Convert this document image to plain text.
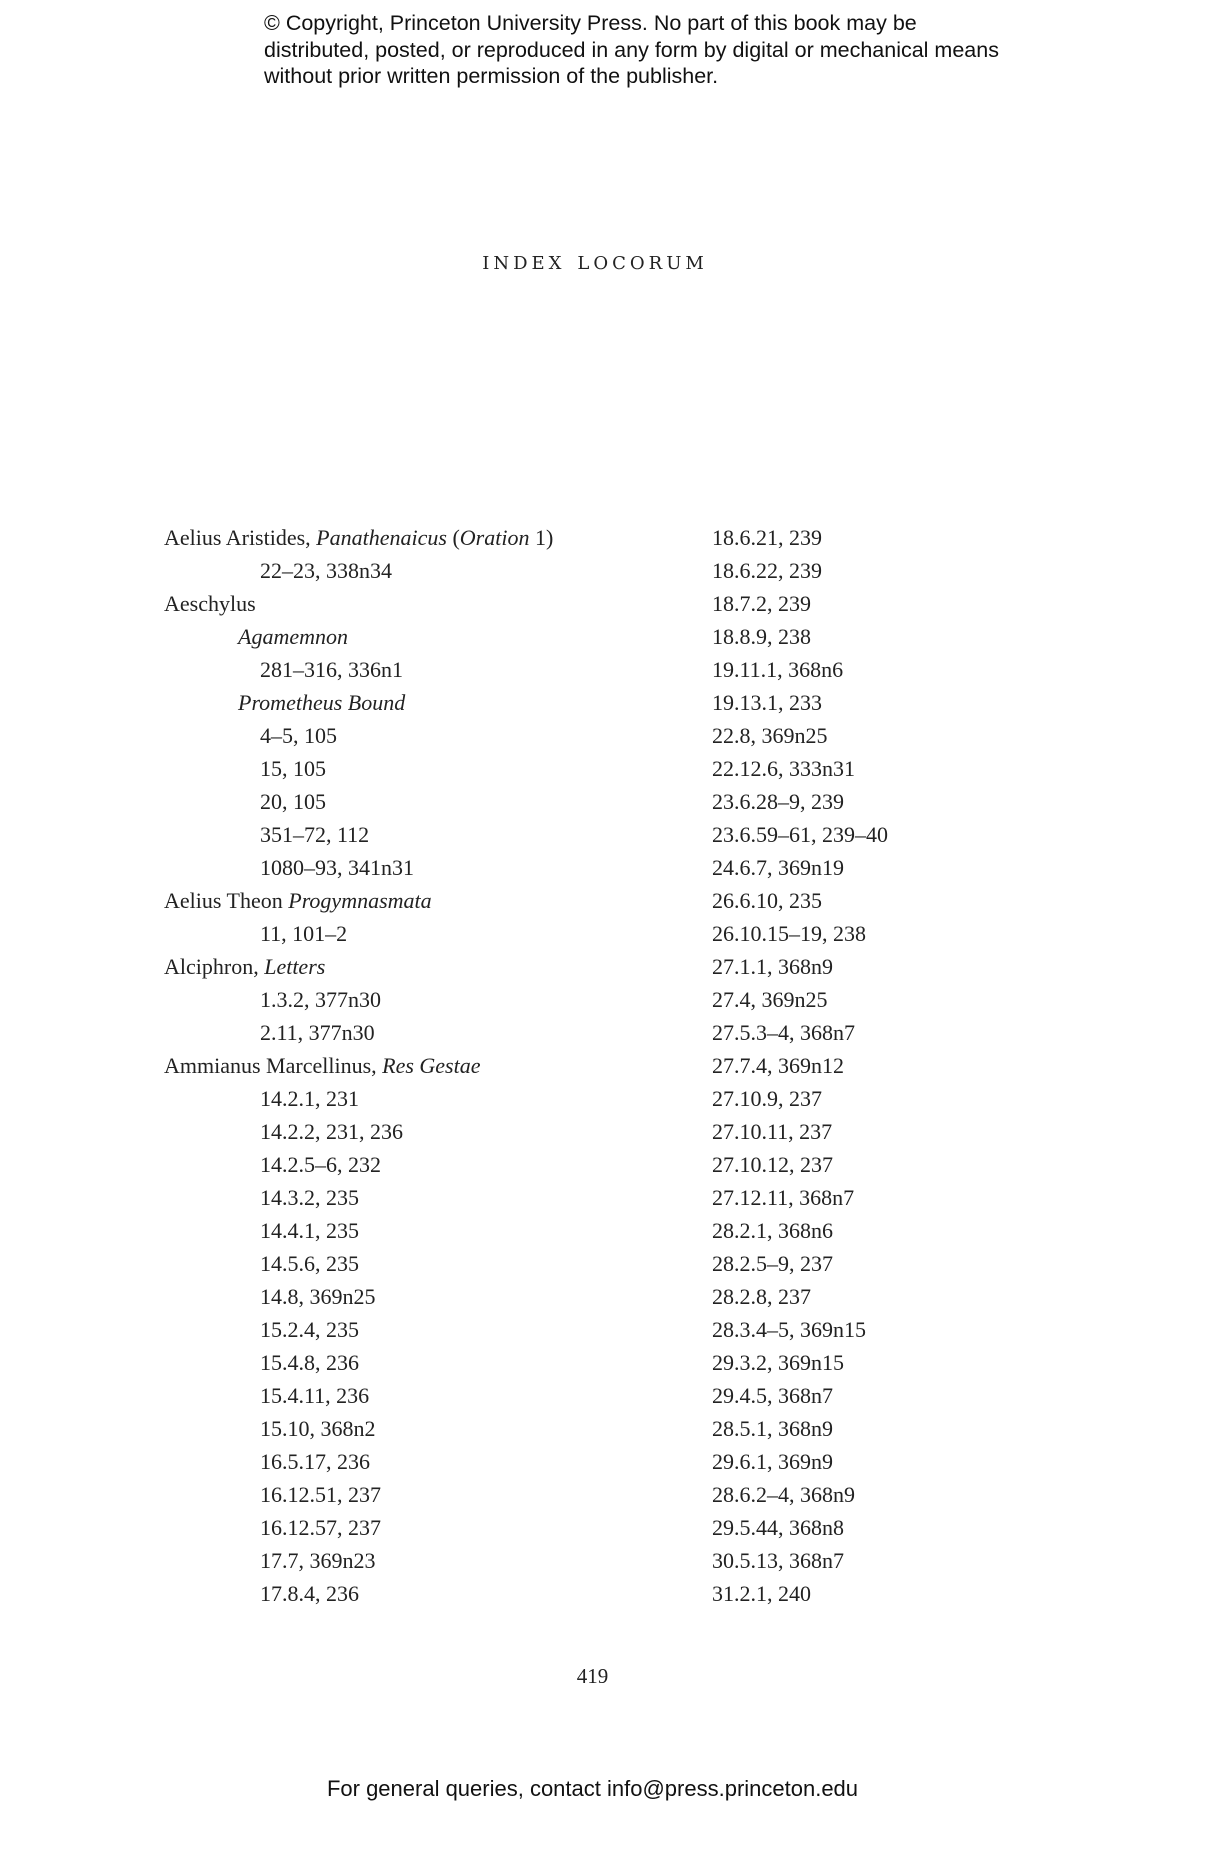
© Copyright, Princeton University Press. No part of this book may be distributed, posted, or reproduced in any form by digital or mechanical means without prior written permission of the publisher.
index locorum
Aelius Aristides, Panathenaicus (Oration 1)
22–23, 338n34
Aeschylus
Agamemnon
281–316, 336n1
Prometheus Bound
4–5, 105
15, 105
20, 105
351–72, 112
1080–93, 341n31
Aelius Theon Progymnasmata
11, 101–2
Alciphron, Letters
1.3.2, 377n30
2.11, 377n30
Ammianus Marcellinus, Res Gestae
14.2.1, 231
14.2.2, 231, 236
14.2.5–6, 232
14.3.2, 235
14.4.1, 235
14.5.6, 235
14.8, 369n25
15.2.4, 235
15.4.8, 236
15.4.11, 236
15.10, 368n2
16.5.17, 236
16.12.51, 237
16.12.57, 237
17.7, 369n23
17.8.4, 236
18.6.21, 239
18.6.22, 239
18.7.2, 239
18.8.9, 238
19.11.1, 368n6
19.13.1, 233
22.8, 369n25
22.12.6, 333n31
23.6.28–9, 239
23.6.59–61, 239–40
24.6.7, 369n19
26.6.10, 235
26.10.15–19, 238
27.1.1, 368n9
27.4, 369n25
27.5.3–4, 368n7
27.7.4, 369n12
27.10.9, 237
27.10.11, 237
27.10.12, 237
27.12.11, 368n7
28.2.1, 368n6
28.2.5–9, 237
28.2.8, 237
28.3.4–5, 369n15
29.3.2, 369n15
29.4.5, 368n7
28.5.1, 368n9
29.6.1, 369n9
28.6.2–4, 368n9
29.5.44, 368n8
30.5.13, 368n7
31.2.1, 240
419
For general queries, contact info@press.princeton.edu
